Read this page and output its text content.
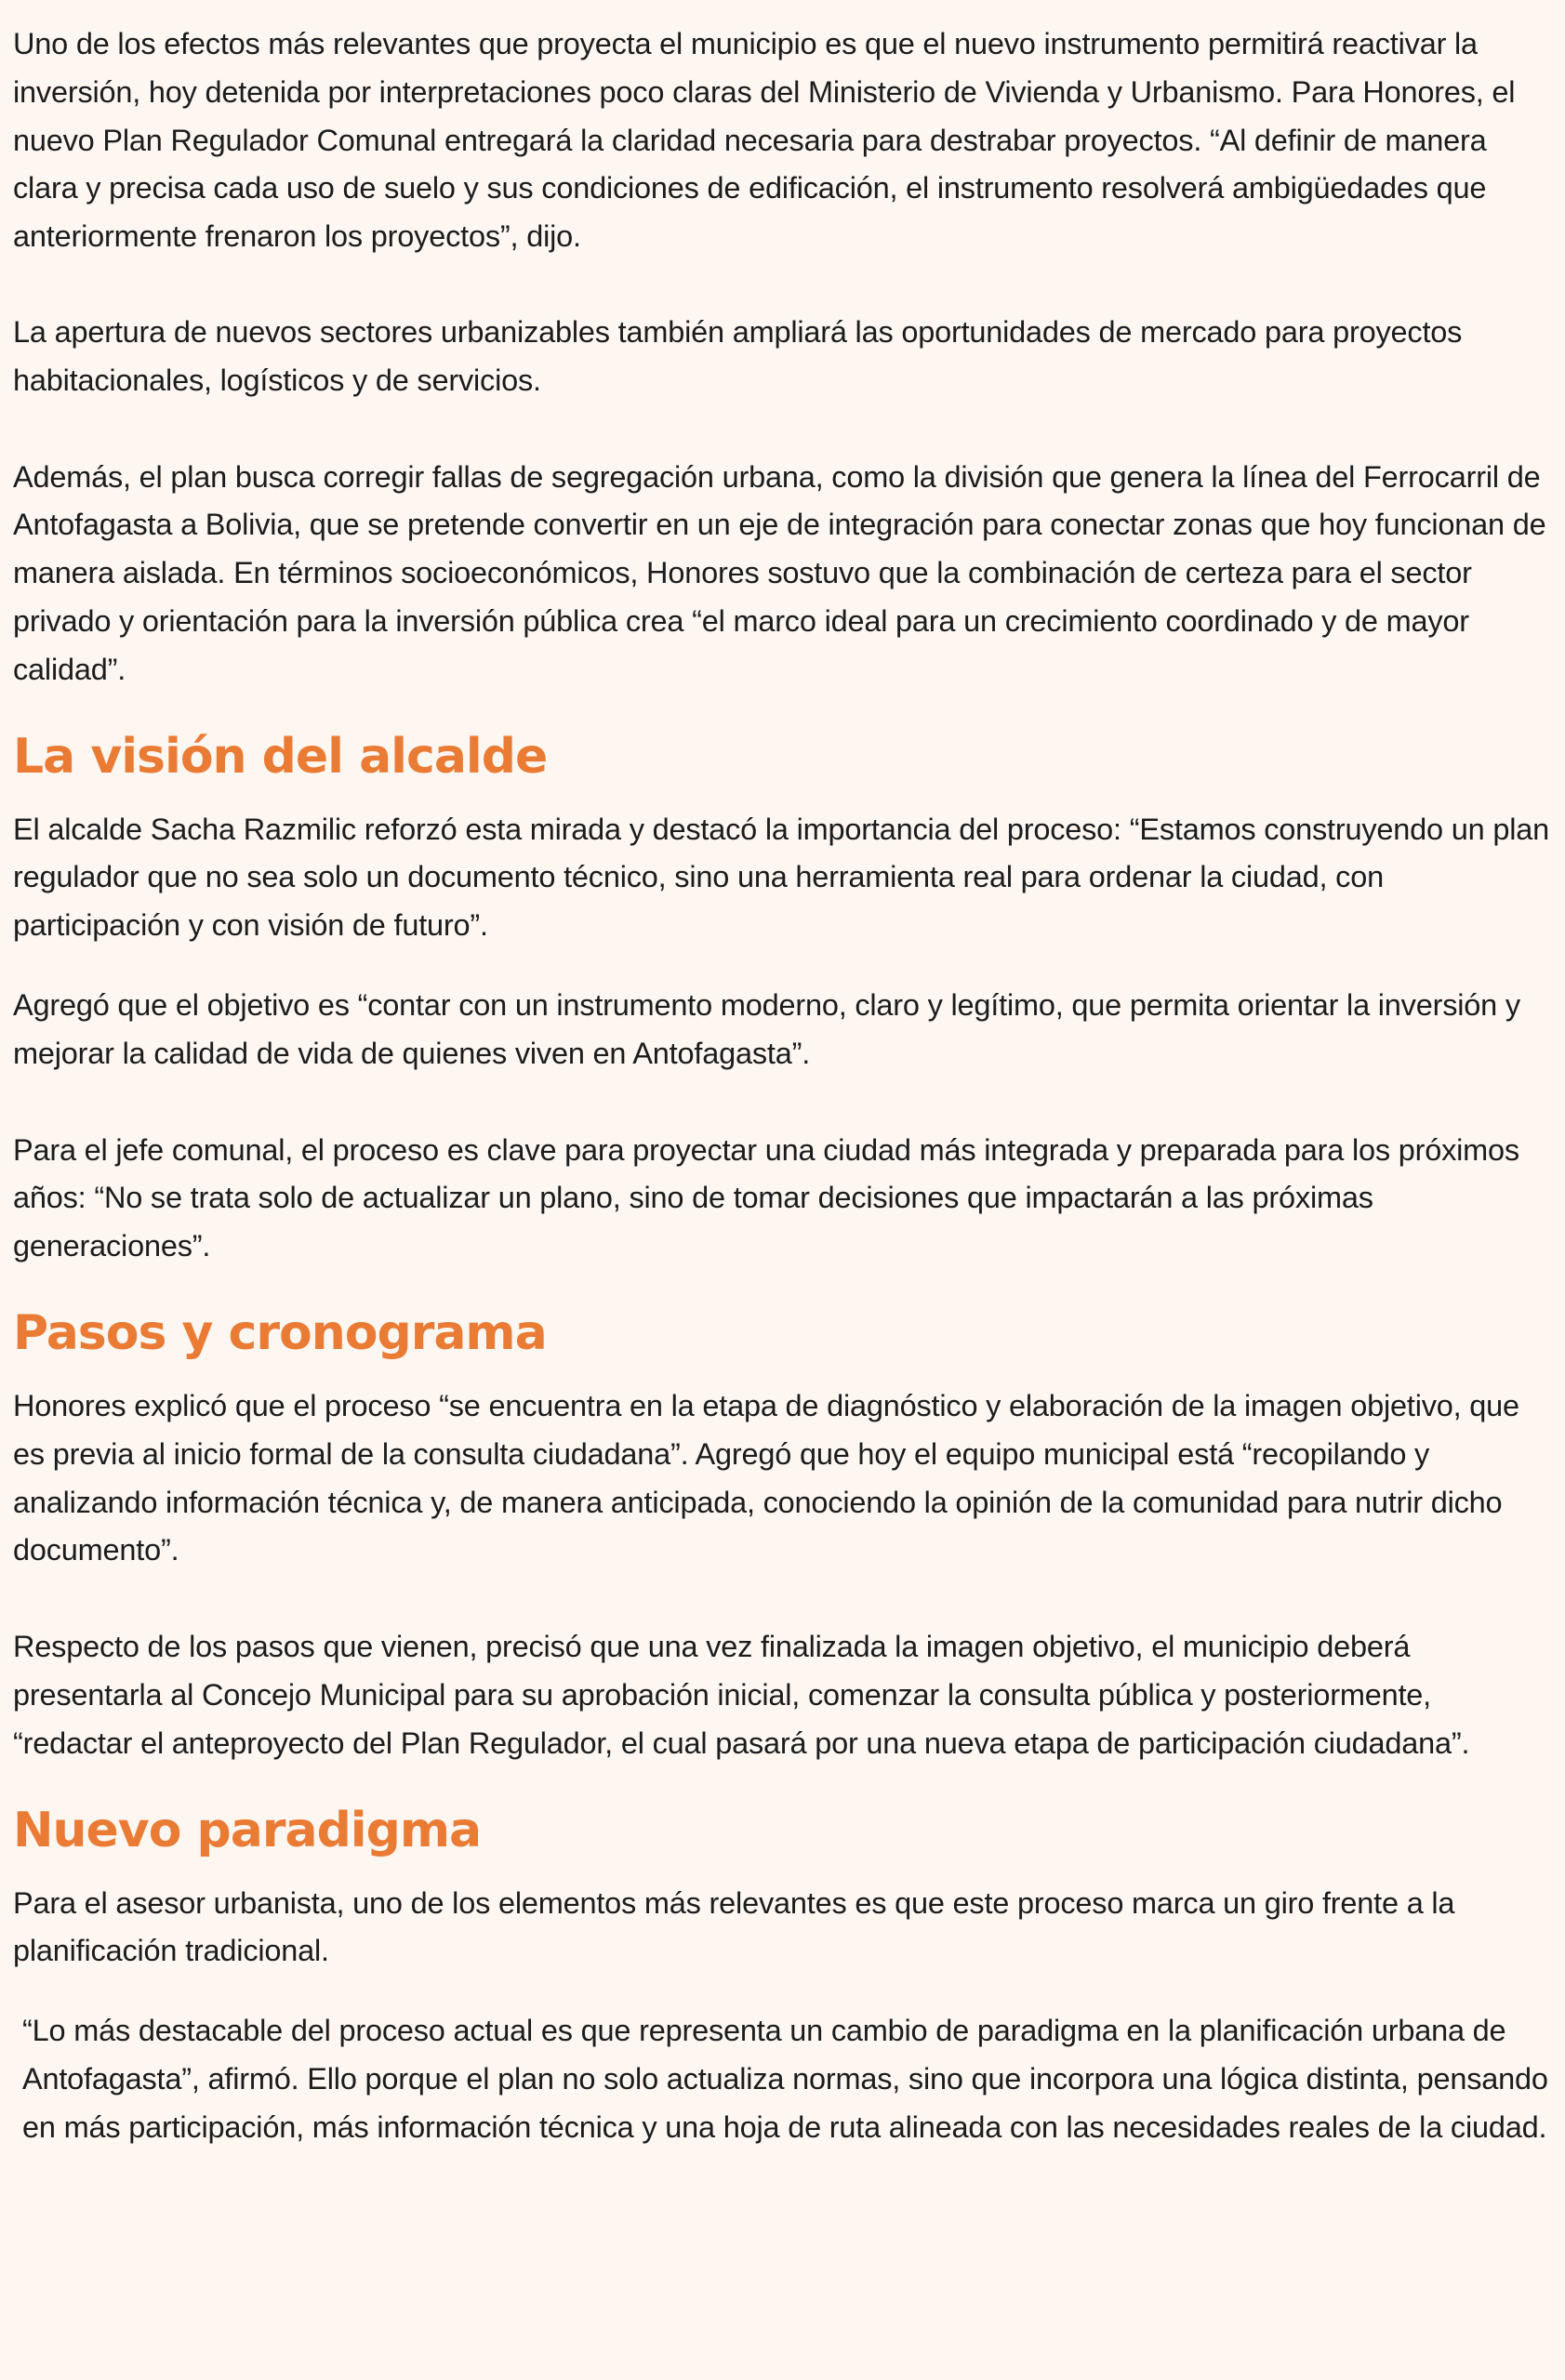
Uno de los efectos más relevantes que proyecta el municipio es que el nuevo instrumento permitirá reactivar la inversión, hoy detenida por interpretaciones poco claras del Ministerio de Vivienda y Urbanismo. Para Honores, el nuevo Plan Regulador Comunal entregará la claridad necesaria para destrabar proyectos. “Al definir de manera clara y precisa cada uso de suelo y sus condiciones de edificación, el instrumento resolverá ambigüedades que anteriormente frenaron los proyectos”, dijo.

La apertura de nuevos sectores urbanizables también ampliará las oportunidades de mercado para proyectos habitacionales, logísticos y de servicios.

Además, el plan busca corregir fallas de segregación urbana, como la división que genera la línea del Ferrocarril de Antofagasta a Bolivia, que se pretende convertir en un eje de integración para conectar zonas que hoy funcionan de manera aislada. En términos socioeconómicos, Honores sostuvo que la combinación de certeza para el sector privado y orientación para la inversión pública crea “el marco ideal para un crecimiento coordinado y de mayor calidad”.

La visión del alcalde

El alcalde Sacha Razmilic reforzó esta mirada y destacó la importancia del proceso: “Estamos construyendo un plan regulador que no sea solo un documento técnico, sino una herramienta real para ordenar la ciudad, con participación y con visión de futuro”.

Agregó que el objetivo es “contar con un instrumento moderno, claro y legítimo, que permita orientar la inversión y mejorar la calidad de vida de quienes viven en Antofagasta”.

Para el jefe comunal, el proceso es clave para proyectar una ciudad más integrada y preparada para los próximos años: “No se trata solo de actualizar un plano, sino de tomar decisiones que impactarán a las próximas generaciones”.

Pasos y cronograma

Honores explicó que el proceso “se encuentra en la etapa de diagnóstico y elaboración de la imagen objetivo, que es previa al inicio formal de la consulta ciudadana”. Agregó que hoy el equipo municipal está “recopilando y analizando información técnica y, de manera anticipada, conociendo la opinión de la comunidad para nutrir dicho documento”.

Respecto de los pasos que vienen, precisó que una vez finalizada la imagen objetivo, el municipio deberá presentarla al Concejo Municipal para su aprobación inicial, comenzar la consulta pública y posteriormente, “redactar el anteproyecto del Plan Regulador, el cual pasará por una nueva etapa de participación ciudadana”.

Nuevo paradigma

Para el asesor urbanista, uno de los elementos más relevantes es que este proceso marca un giro frente a la planificación tradicional.

“Lo más destacable del proceso actual es que representa un cambio de paradigma en la planificación urbana de Antofagasta”, afirmó. Ello porque el plan no solo actualiza normas, sino que incorpora una lógica distinta, pensando en más participación, más información técnica y una hoja de ruta alineada con las necesidades reales de la ciudad.
